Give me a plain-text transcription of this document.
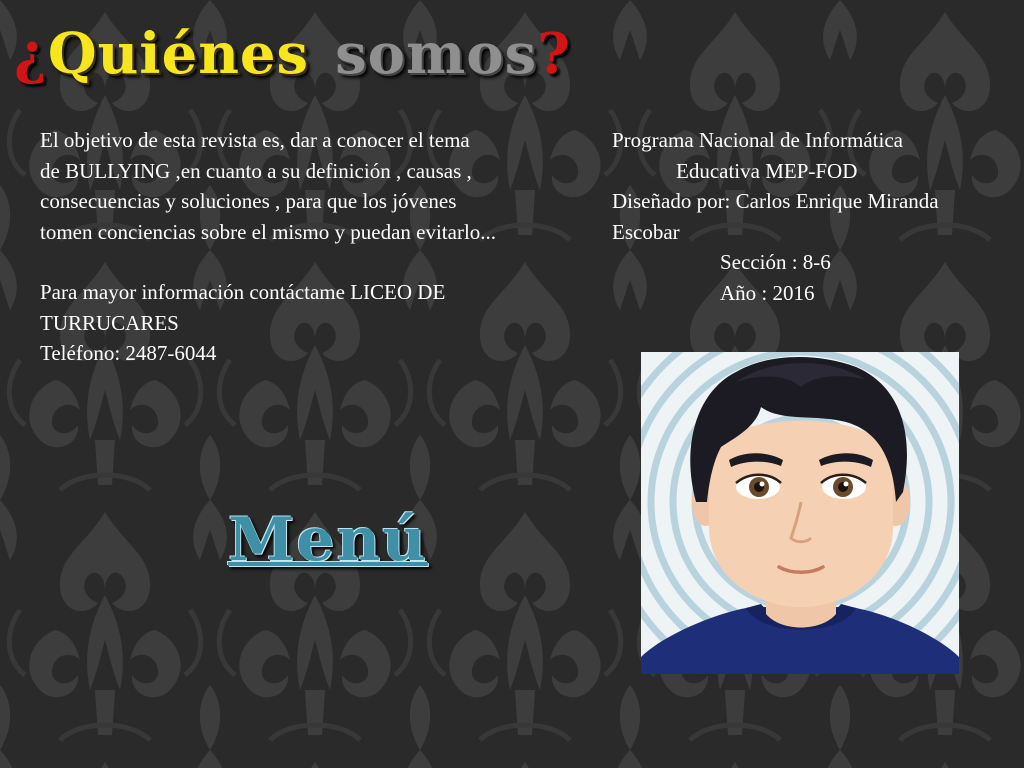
¿Quiénes somos?

El objetivo de esta revista es, dar a conocer el tema

de BULLYING ,en cuanto a su definición , causas ,

consecuencias y soluciones , para que los jóvenes

tomen conciencias sobre el mismo y puedan evitarlo...

Para mayor información contáctame LICEO DE

TURRUCARES

Teléfono: 2487-6044

Programa Nacional de Informática

Educativa MEP-FOD

Diseñado por: Carlos Enrique Miranda

Escobar

Sección : 8-6

Año : 2016

Menú
